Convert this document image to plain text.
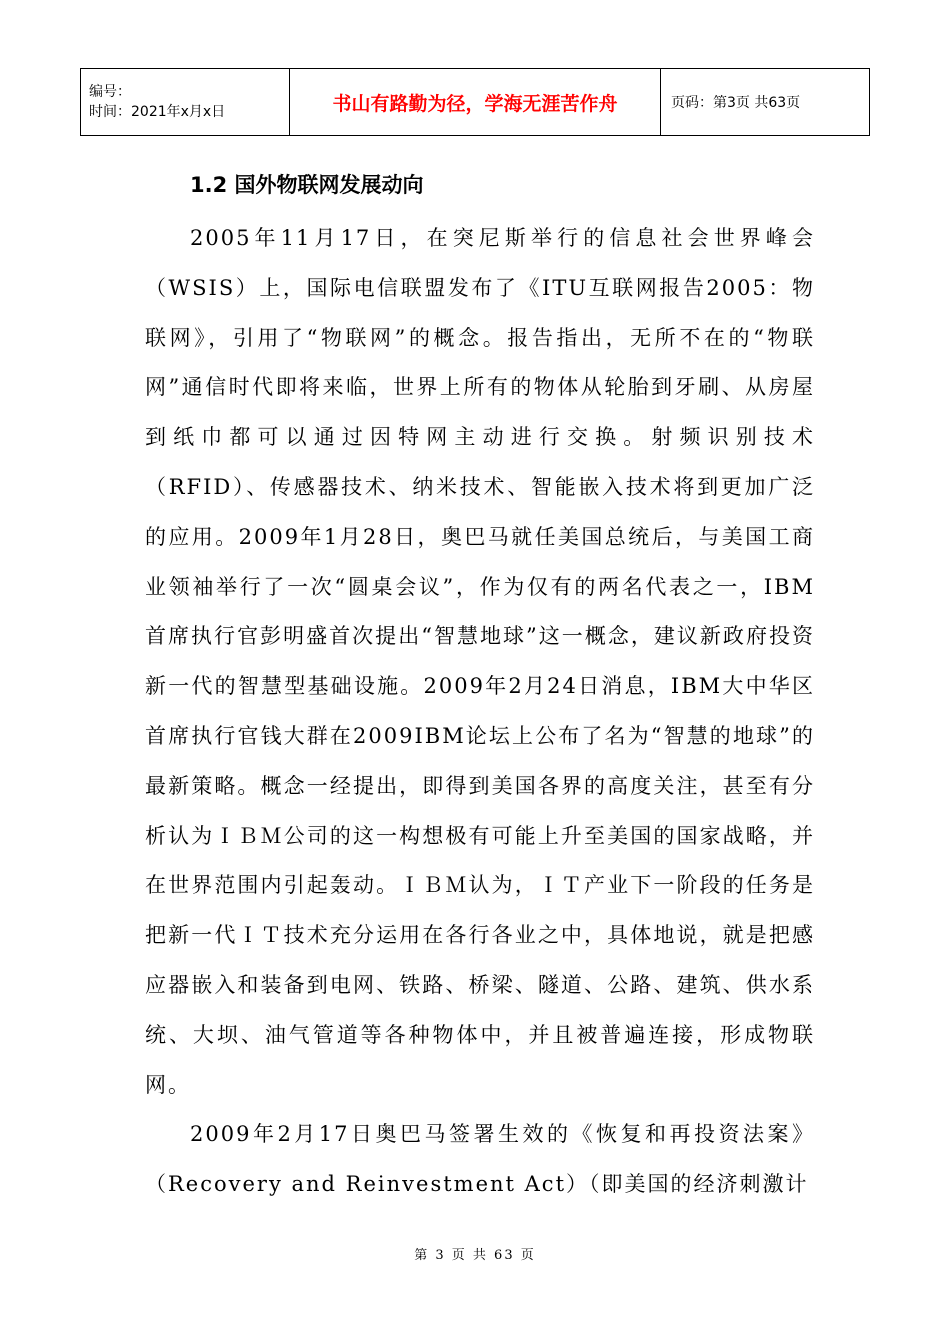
编号：
时间：2021年x月x日	书山有路勤为径，学海无涯苦作舟	页码：第3页 共63页
1.2 国外物联网发展动向

2005年11月17日，在突尼斯举行的信息社会世界峰会（WSIS）上，国际电信联盟发布了《ITU互联网报告2005：物联网》，引用了“物联网”的概念。报告指出，无所不在的“物联网”通信时代即将来临，世界上所有的物体从轮胎到牙刷、从房屋到纸巾都可以通过因特网主动进行交换。射频识别技术（RFID）、传感器技术、纳米技术、智能嵌入技术将到更加广泛的应用。2009年1月28日，奥巴马就任美国总统后，与美国工商业领袖举行了一次“圆桌会议”，作为仅有的两名代表之一，IBM首席执行官彭明盛首次提出“智慧地球”这一概念，建议新政府投资新一代的智慧型基础设施。2009年2月24日消息，IBM大中华区首席执行官钱大群在2009IBM论坛上公布了名为“智慧的地球”的最新策略。概念一经提出，即得到美国各界的高度关注，甚至有分析认为ＩＢＭ公司的这一构想极有可能上升至美国的国家战略，并在世界范围内引起轰动。ＩＢＭ认为，ＩＴ产业下一阶段的任务是把新一代ＩＴ技术充分运用在各行各业之中，具体地说，就是把感应器嵌入和装备到电网、铁路、桥梁、隧道、公路、建筑、供水系统、大坝、油气管道等各种物体中，并且被普遍连接，形成物联网。

2009年2月17日奥巴马签署生效的《恢复和再投资法案》（Recovery and Reinvestment Act）（即美国的经济刺激计

第 3 页 共 63 页
